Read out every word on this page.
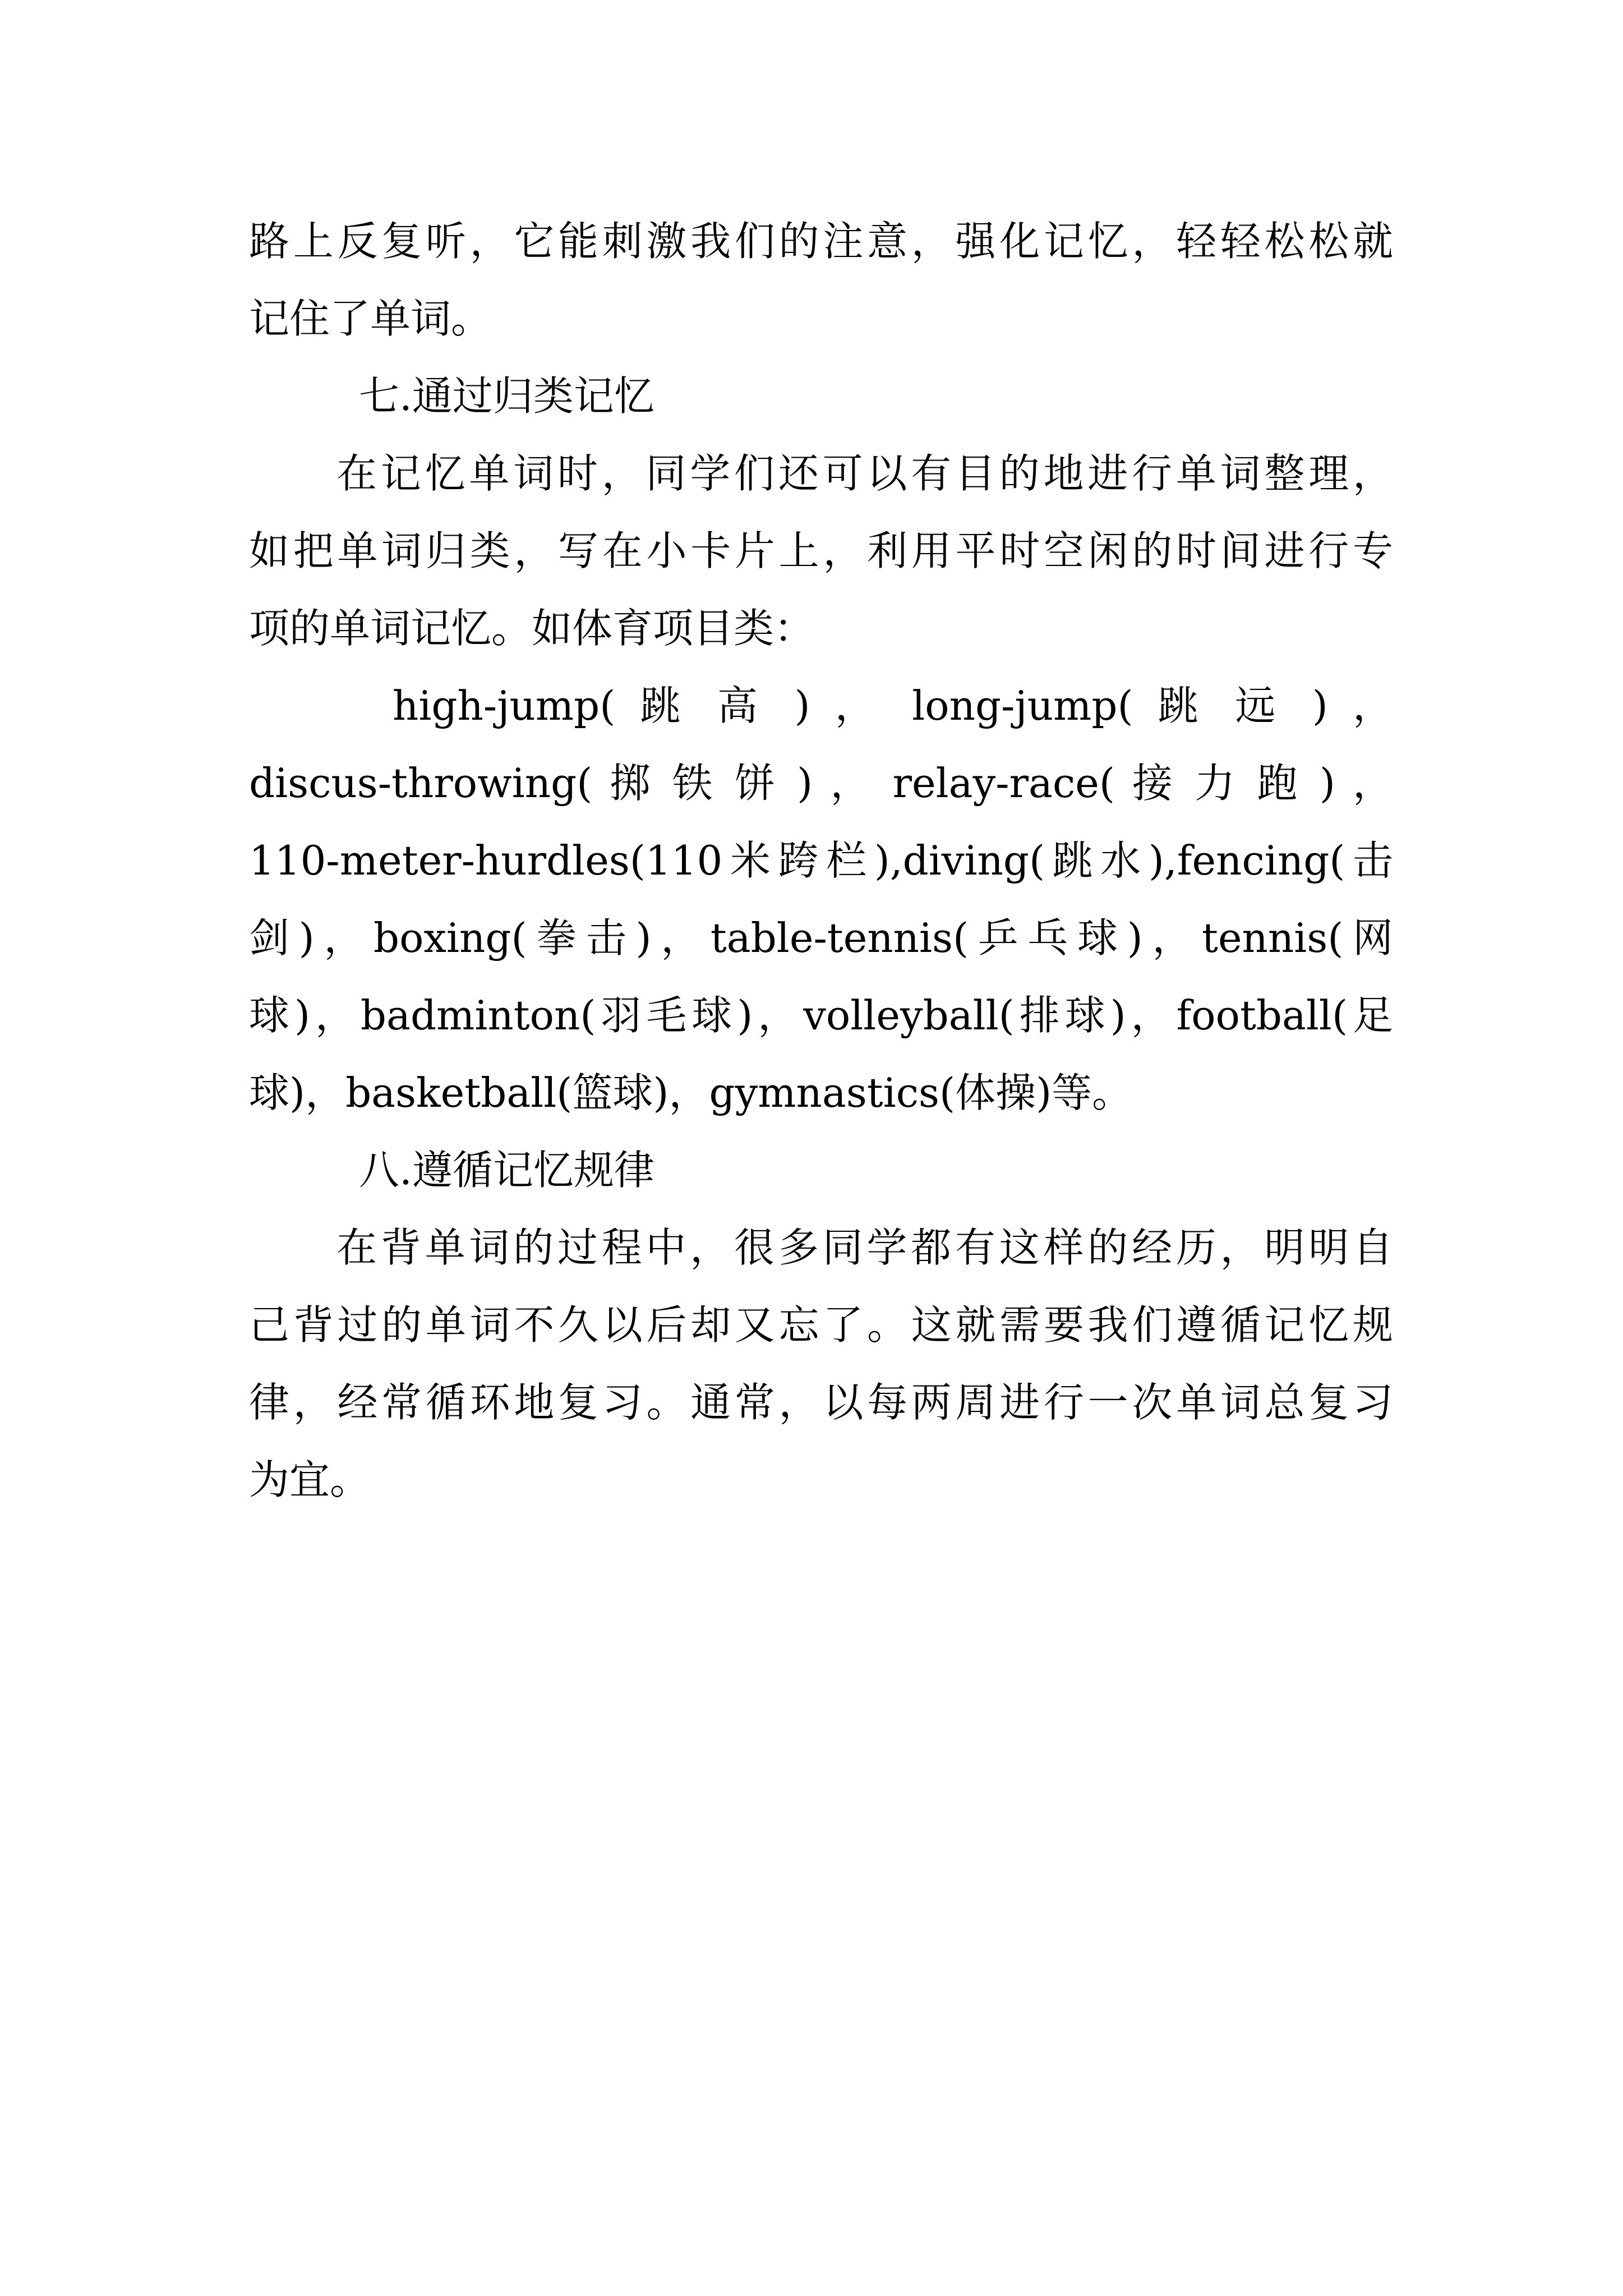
路上反复听，它能刺激我们的注意，强化记忆，轻轻松松就
记住了单词。
七.通过归类记忆
在记忆单词时，同学们还可以有目的地进行单词整理，
如把单词归类，写在小卡片上，利用平时空闲的时间进行专
项的单词记忆。如体育项目类：
high-jump( 跳 高 ) ， long-jump( 跳 远 ) ，
discus-throwing( 掷 铁 饼 ) ， relay-race( 接 力 跑 ) ，
110-meter-hurdles(110米跨栏),diving(跳水),fencing(击
剑)，boxing(拳击)，table-tennis(乒乓球)，tennis(网
球)，badminton(羽毛球)，volleyball(排球)，football(足
球)，basketball(篮球)，gymnastics(体操)等。
八.遵循记忆规律
在背单词的过程中，很多同学都有这样的经历，明明自
己背过的单词不久以后却又忘了。这就需要我们遵循记忆规
律，经常循环地复习。通常，以每两周进行一次单词总复习
为宜。
